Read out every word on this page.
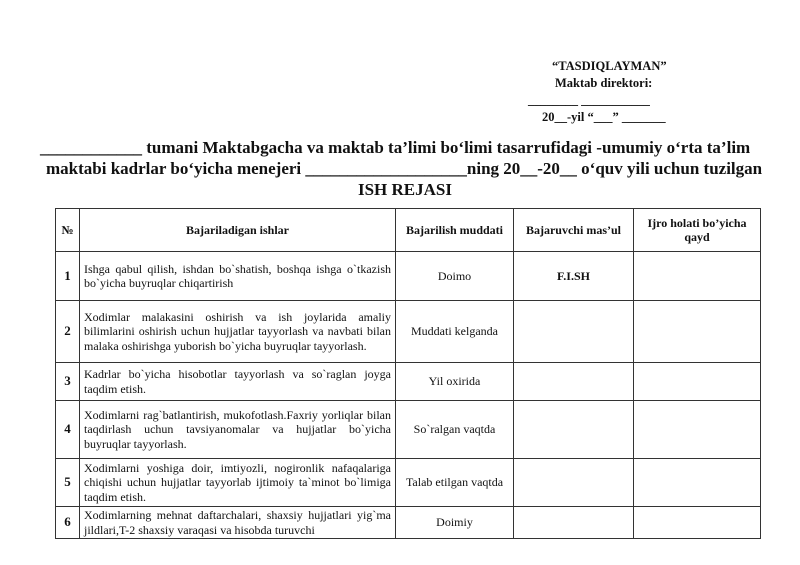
“TASDIQLAYMAN”
Maktab direktori:
________ ___________
20__-yil “___” _______
____________ tumani Maktabgacha va maktab ta’limi bo‘limi tasarrufidagi -umumiy o‘rta ta’lim
maktabi kadrlar bo‘yicha menejeri ___________________ning 20__-20__ o‘quv yili uchun tuzilgan
ISH REJASI
№	Bajariladigan ishlar	Bajarilish muddati	Bajaruvchi mas’ul	Ijro holati bo’yicha qayd
1	Ishga qabul qilish, ishdan bo`shatish, boshqa ishga o`tkazish bo`yicha buyruqlar chiqartirish	Doimo	F.I.SH	
2	Xodimlar malakasini oshirish va ish joylarida amaliy bilimlarini oshirish uchun hujjatlar tayyorlash va navbati bilan malaka oshirishga yuborish bo`yicha buyruqlar tayyorlash.	Muddati kelganda		
3	Kadrlar bo`yicha hisobotlar tayyorlash va so`raglan joyga taqdim etish.	Yil oxirida		
4	Xodimlarni rag`batlantirish, mukofotlash.Faxriy yorliqlar bilan taqdirlash uchun tavsiyanomalar va hujjatlar bo`yicha buyruqlar tayyorlash.	So`ralgan vaqtda		
5	Xodimlarni yoshiga doir, imtiyozli, nogironlik nafaqalariga chiqishi uchun hujjatlar tayyorlab ijtimoiy ta`minot bo`limiga taqdim etish.	Talab etilgan vaqtda		
6	Xodimlarning mehnat daftarchalari, shaxsiy hujjatlari yig`ma jildlari,T-2 shaxsiy varaqasi va hisobda turuvchi	Doimiy		
